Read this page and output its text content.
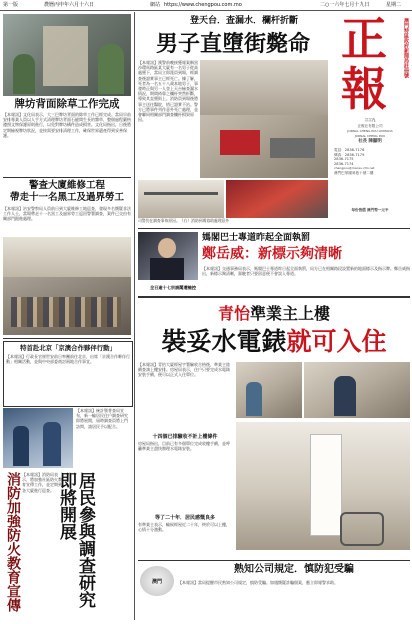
第一版	農曆丙申年六月十六日	網站 https://www.chengpou.com.mo	二○一六年七月十九日	星期二
牌坊背面除草工作完成

【本報訊】文化局表示，大三巴牌坊背面的除草工作已經完成。當局早前安排專業人員以人手方式清理牌坊背面石縫間生長的雜草，整個過程嚴格遵照文物保護原則進行，以免對牌坊構件造成損害。文化局指出，日後將定期檢視牌坊狀況，並按需要安排清理工作，確保世界遺產得到妥善保護。

警查大廈維修工程
帶走十一名黑工及過界勞工

【本報訊】治安警察局人員前日到大廈維修工地巡查，發現多名懷疑非法工作人士，當場帶走十一名黑工及過界勞工返回警署調查，案件已交由有關部門跟進處理。

特首赴北京「京澳合作夥伴行動」

【本報訊】行政長官崔世安前日率團前往北京，出席「京澳合作夥伴行動」相關活動，並與中央部委商討兩地合作事宜。

【本報訊】統計暨普查局宣布，新一輪居民住戶調查研究即將展開，屆時調查員將上門訪問，請居民予以配合。

消防加強防火教育宣傳 【本報訊】消防局表示，將加強社區防火教育宣傳工作，並定期到各大廈進行巡查。	居民參與調查研究即將開展
登天台．查漏水．欄杆折斷
男子直墮街斃命

【本報訊】澳警前晚接獲報案稱黑沙環馬路區某大廈有一名男子從高處墮下，當局立即派員到場，經調查後證實事主已經死亡。據了解，死者為一名五十八歲本地男子，事發時正與另一人登上天台檢查漏水情況，期間倚靠之欄杆突然折斷，導致其直墮街上。消防員到場後將事主送往醫院，惜已證實不治。警方已將事件列作意外死亡處理，並會聯同相關部門調查欄杆損毀原因。

司警仍在調查事故原因。（右）消防到場協助處理意外

正
報
澳門特區政府新聞局註冊號
三三九
正報社有限公司
JORNAL CHENG POU LIMITADA
JORNAL CHENG POU
社長 陳顯明
電話：2836-7176
傳真：2836-7179
2836-7175
2836-7174
chengpou@macau.ctm.net
澳門巴掌圍斜巷十號二樓
每份售價 澳門幣一元半
媽閣巴士專道昨起全面執罰
鄭岳威：新標示夠清晰

【本報訊】交通事務局表示，媽閣巴士專道昨日起全面執罰，局方已在相關路段設置新的地面標示及指示牌。鄭岳威指出，新標示夠清晰，駕駛者只要留意便不會誤入專道。

全日逾十七宗誤闖遭檢控
青怡準業主上樓
裝妥水電錶就可入住

【本報訊】青怡大廈經屋宇署驗收合格後，準業主陸續查詢上樓安排。房屋局表示，住戶只要完成水電錶安裝手續，便可以正式入住單位。

十四個已排驗收不計上樓條件

房屋局指出，目前已有多個單位完成收樓手續，並呼籲準業主盡快辦理水電錶安裝。

等了二十年．居民感慨良多

有準業主表示，輪候經屋近二十年，終於可以上樓，心情十分激動。

澳門
熟知公司規定．慎防犯受騙

【本報訊】當局提醒市民熟知公司規定，慎防受騙。如遇懷疑詐騙個案，應立即報警求助。
